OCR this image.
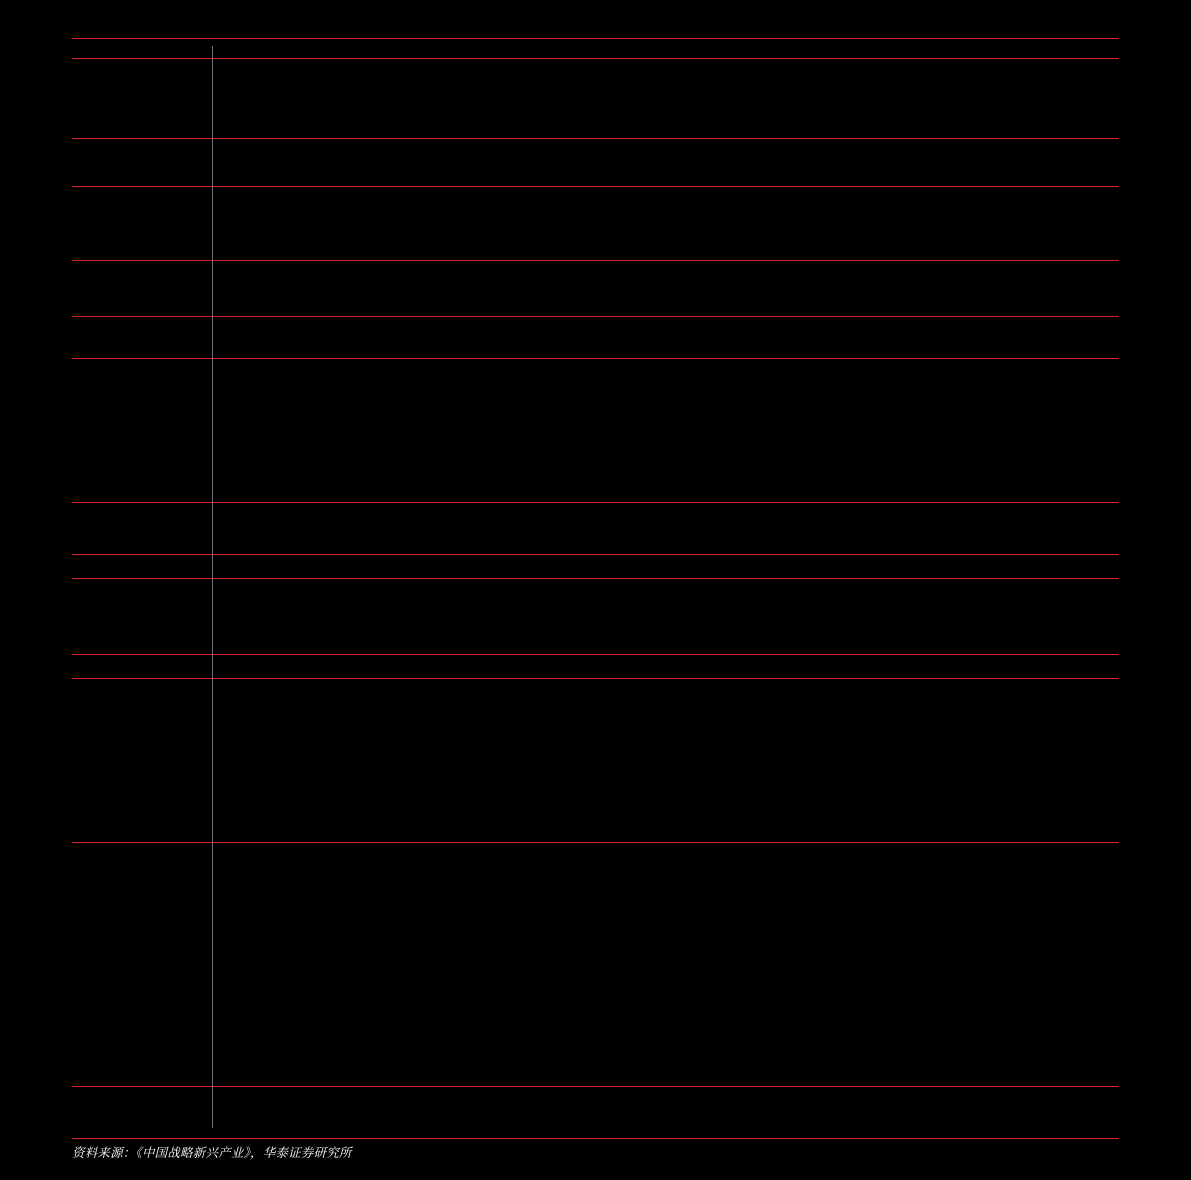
资料来源：《中国战略新兴产业》，华泰证券研究所
